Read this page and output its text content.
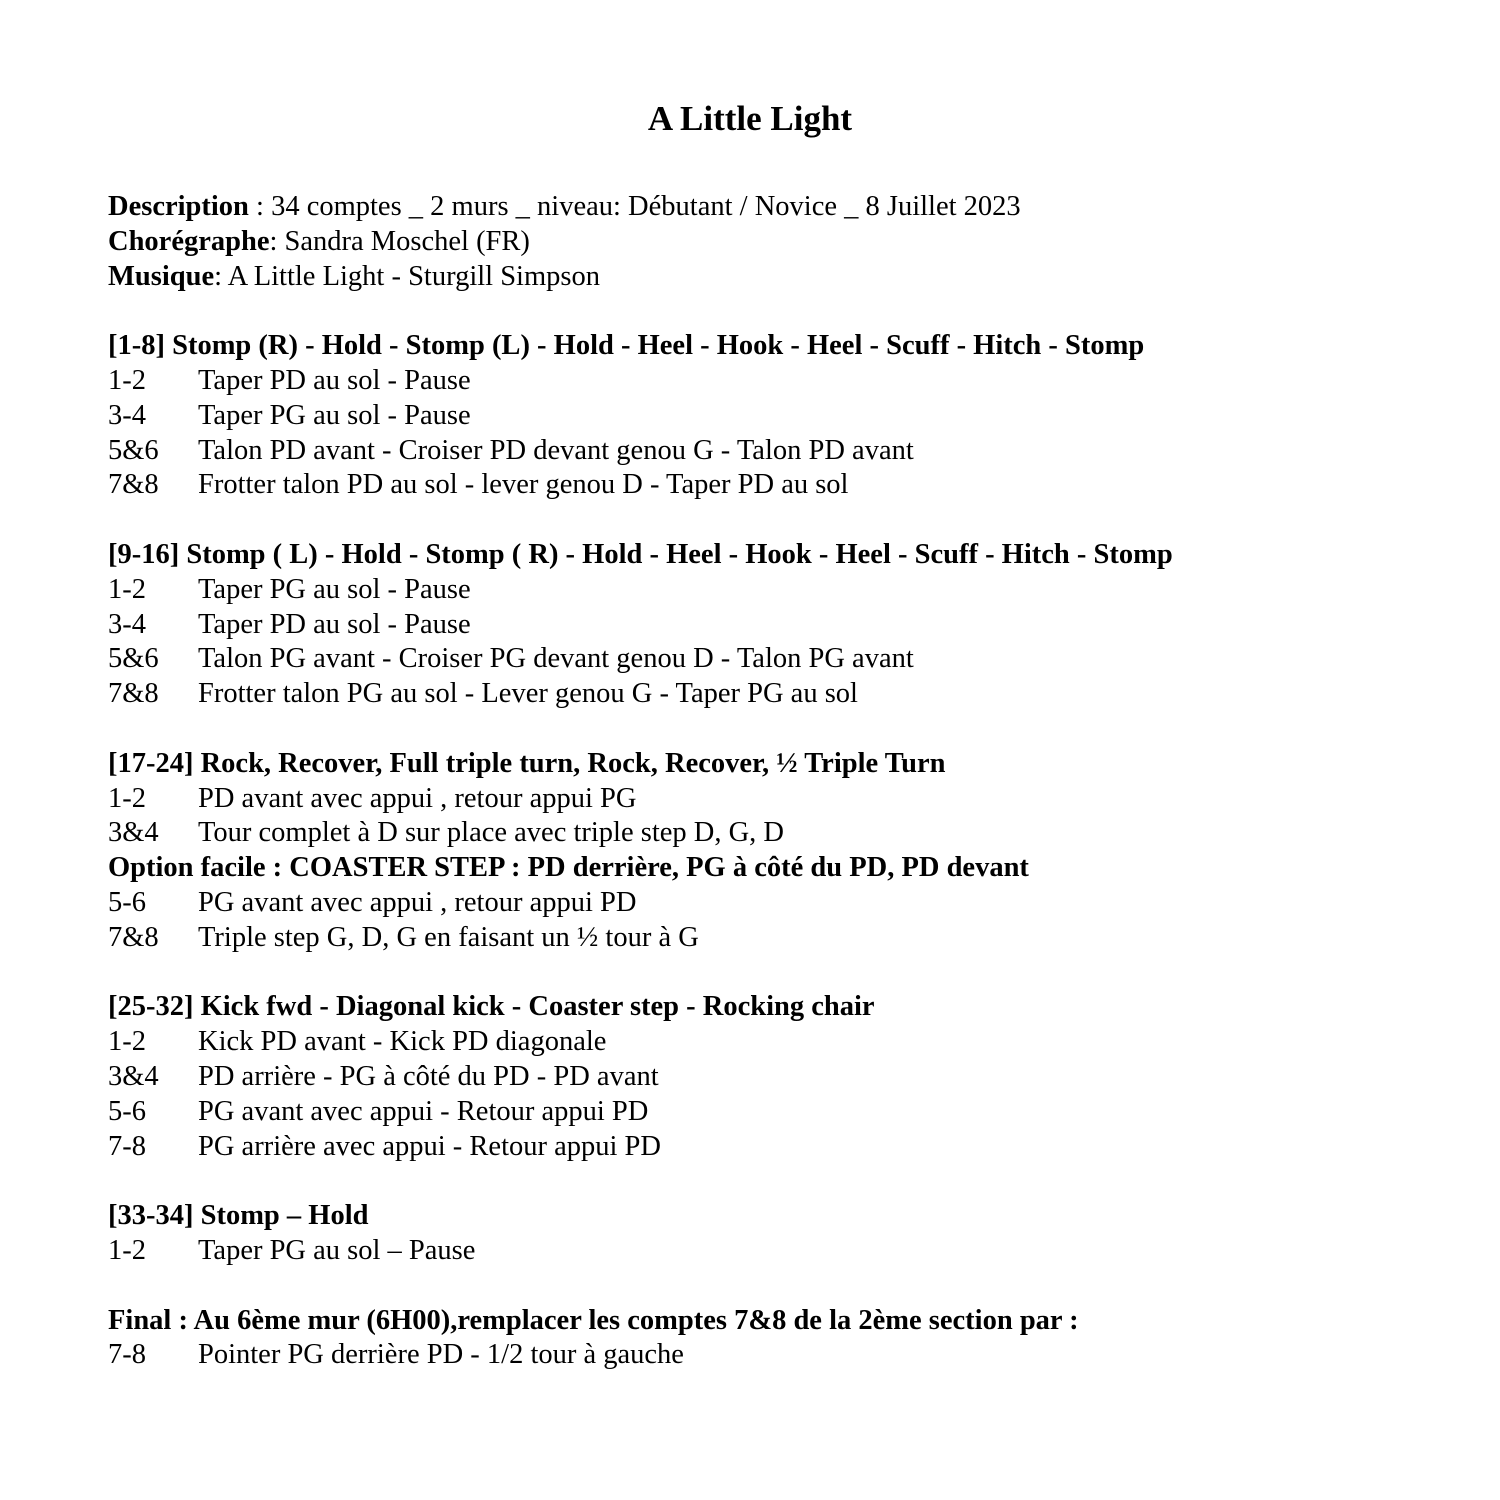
A Little Light
Description : 34 comptes _ 2 murs _ niveau: Débutant / Novice _ 8 Juillet 2023
Chorégraphe: Sandra Moschel (FR)
Musique: A Little Light - Sturgill Simpson
[1-8] Stomp (R) - Hold - Stomp (L) - Hold - Heel - Hook - Heel - Scuff - Hitch - Stomp
1-2 Taper PD au sol - Pause
3-4 Taper PG au sol - Pause
5&6 Talon PD avant - Croiser PD devant genou G - Talon PD avant
7&8 Frotter talon PD au sol - lever genou D - Taper PD au sol
[9-16] Stomp ( L) - Hold - Stomp ( R) - Hold - Heel - Hook - Heel - Scuff - Hitch - Stomp
1-2 Taper PG au sol - Pause
3-4 Taper PD au sol - Pause
5&6 Talon PG avant - Croiser PG devant genou D - Talon PG avant
7&8 Frotter talon PG au sol - Lever genou G - Taper PG au sol
[17-24] Rock, Recover, Full triple turn, Rock, Recover, ½ Triple Turn
1-2 PD avant avec appui , retour appui PG
3&4 Tour complet à D sur place avec triple step D, G, D
Option facile : COASTER STEP : PD derrière, PG à côté du PD, PD devant
5-6 PG avant avec appui , retour appui PD
7&8 Triple step G, D, G en faisant un ½ tour à G
[25-32] Kick fwd - Diagonal kick - Coaster step - Rocking chair
1-2 Kick PD avant - Kick PD diagonale
3&4 PD arrière - PG à côté du PD - PD avant
5-6 PG avant avec appui - Retour appui PD
7-8 PG arrière avec appui - Retour appui PD
[33-34] Stomp – Hold
1-2 Taper PG au sol – Pause
Final : Au 6ème mur (6H00),remplacer les comptes 7&8 de la 2ème section par :
7-8 Pointer PG derrière PD - 1/2 tour à gauche
